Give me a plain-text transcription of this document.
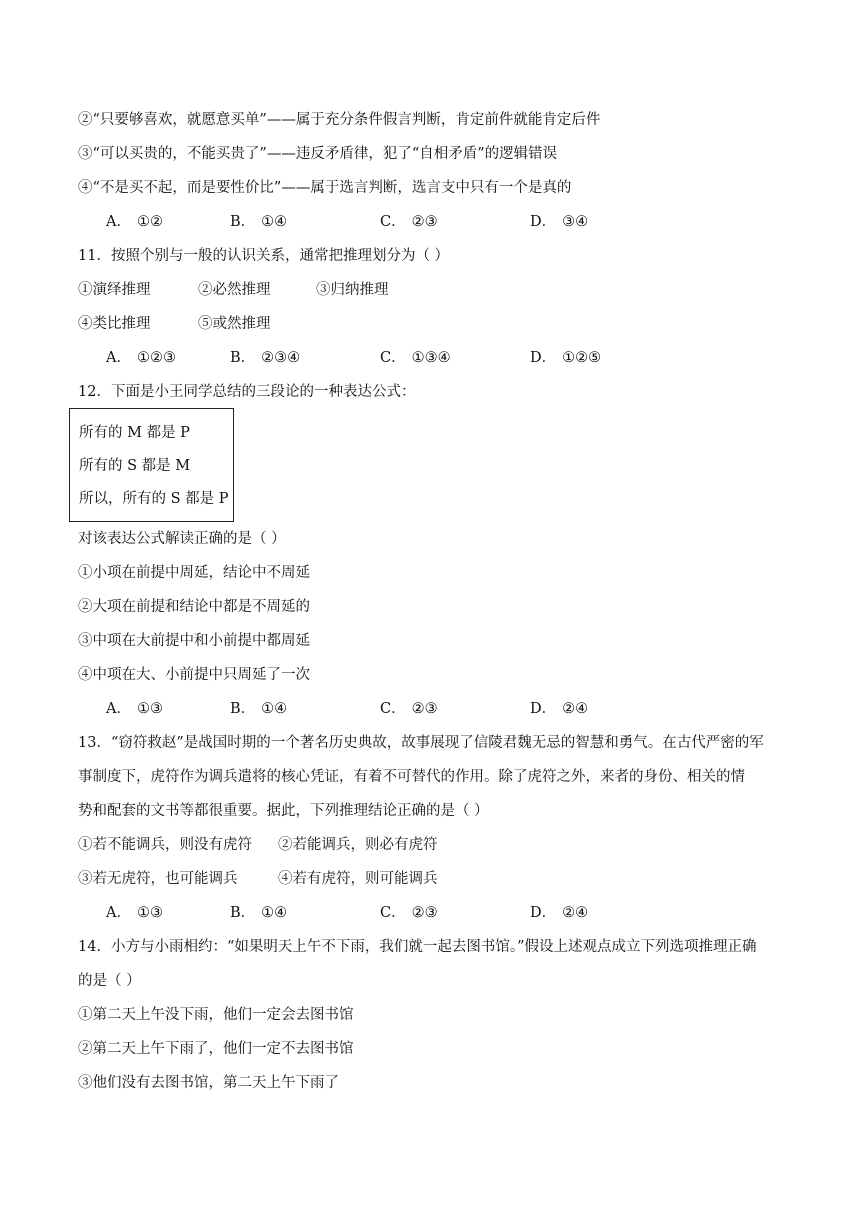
②“只要够喜欢，就愿意买单”——属于充分条件假言判断，肯定前件就能肯定后件
③“可以买贵的，不能买贵了”——违反矛盾律，犯了“自相矛盾”的逻辑错误
④“不是买不起，而是要性价比”——属于选言判断，选言支中只有一个是真的
A． ①②	B． ①④	C． ②③	D． ③④
11．按照个别与一般的认识关系，通常把推理划分为（ ）
①演绎推理	②必然推理	③归纳推理
④类比推理	⑤或然推理
A． ①②③	B． ②③④	C． ①③④	D． ①②⑤
12．下面是小王同学总结的三段论的一种表达公式：
所有的 M 都是 P
所有的 S 都是 M
所以，所有的 S 都是 P
对该表达公式解读正确的是（ ）
①小项在前提中周延，结论中不周延
②大项在前提和结论中都是不周延的
③中项在大前提中和小前提中都周延
④中项在大、小前提中只周延了一次
A． ①③	B． ①④	C． ②③	D． ②④
13．“窃符救赵”是战国时期的一个著名历史典故，故事展现了信陵君魏无忌的智慧和勇气。在古代严密的军
事制度下，虎符作为调兵遣将的核心凭证，有着不可替代的作用。除了虎符之外，来者的身份、相关的情
势和配套的文书等都很重要。据此，下列推理结论正确的是（ ）
①若不能调兵，则没有虎符 ②若能调兵，则必有虎符
③若无虎符，也可能调兵	④若有虎符，则可能调兵
A． ①③	B． ①④	C． ②③	D． ②④
14．小方与小雨相约：“如果明天上午不下雨，我们就一起去图书馆。”假设上述观点成立下列选项推理正确
的是（ ）
①第二天上午没下雨，他们一定会去图书馆
②第二天上午下雨了，他们一定不去图书馆
③他们没有去图书馆，第二天上午下雨了
